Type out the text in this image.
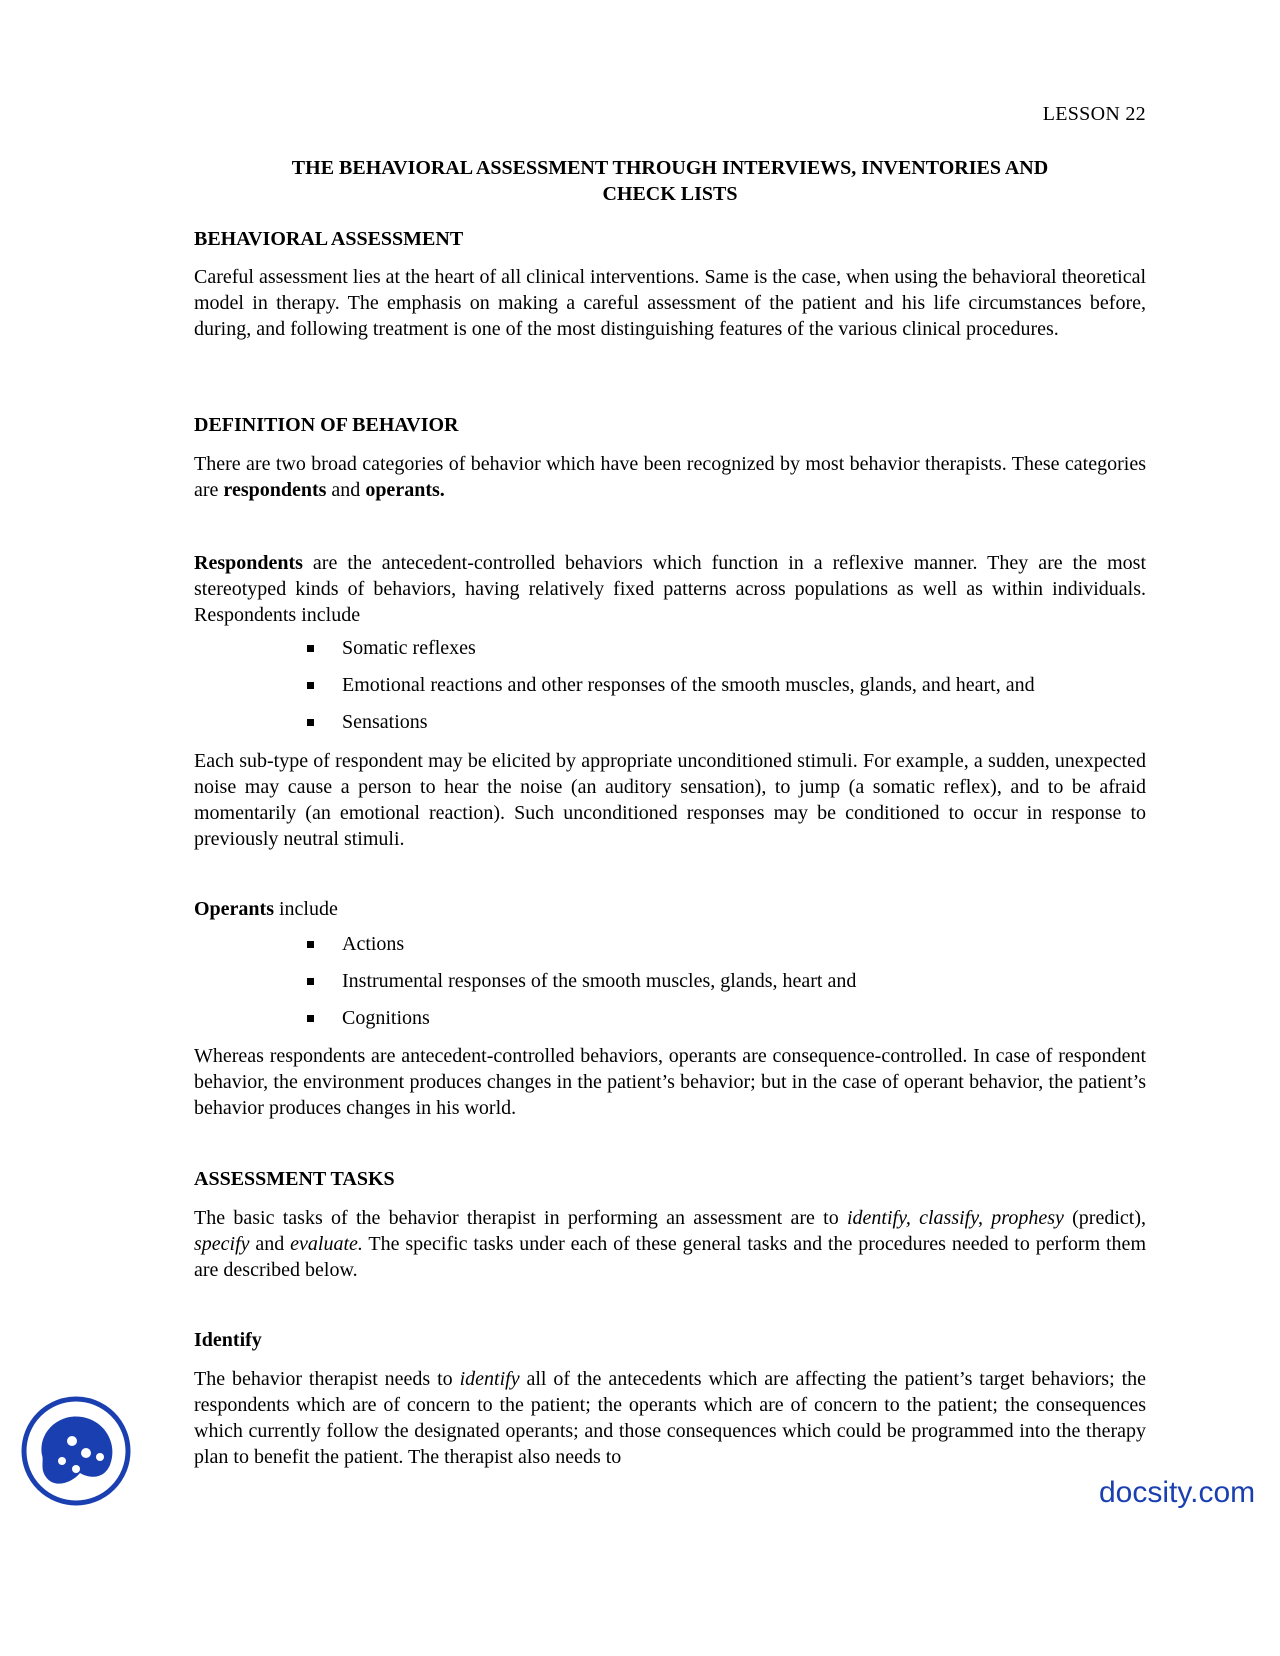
LESSON 22
THE BEHAVIORAL ASSESSMENT THROUGH INTERVIEWS, INVENTORIES AND
CHECK LISTS
BEHAVIORAL ASSESSMENT

Careful assessment lies at the heart of all clinical interventions. Same is the case, when using the behavioral theoretical model in therapy. The emphasis on making a careful assessment of the patient and his life circumstances before, during, and following treatment is one of the most distinguishing features of the various clinical procedures.

DEFINITION OF BEHAVIOR

There are two broad categories of behavior which have been recognized by most behavior therapists. These categories are respondents and operants.

Respondents are the antecedent-controlled behaviors which function in a reflexive manner. They are the most stereotyped kinds of behaviors, having relatively fixed patterns across populations as well as within individuals. Respondents include

Somatic reflexes
Emotional reactions and other responses of the smooth muscles, glands, and heart, and
Sensations

Each sub-type of respondent may be elicited by appropriate unconditioned stimuli. For example, a sudden, unexpected noise may cause a person to hear the noise (an auditory sensation), to jump (a somatic reflex), and to be afraid momentarily (an emotional reaction). Such unconditioned responses may be conditioned to occur in response to previously neutral stimuli.

Operants include

Actions
Instrumental responses of the smooth muscles, glands, heart and
Cognitions

Whereas respondents are antecedent-controlled behaviors, operants are consequence-controlled. In case of respondent behavior, the environment produces changes in the patient’s behavior; but in the case of operant behavior, the patient’s behavior produces changes in his world.

ASSESSMENT TASKS

The basic tasks of the behavior therapist in performing an assessment are to identify, classify, prophesy (predict), specify and evaluate. The specific tasks under each of these general tasks and the procedures needed to perform them are described below.

Identify

The behavior therapist needs to identify all of the antecedents which are affecting the patient’s target behaviors; the respondents which are of concern to the patient; the operants which are of concern to the patient; the consequences which currently follow the designated operants; and those consequences which could be programmed into the therapy plan to benefit the patient. The therapist also needs to

docsity.com
